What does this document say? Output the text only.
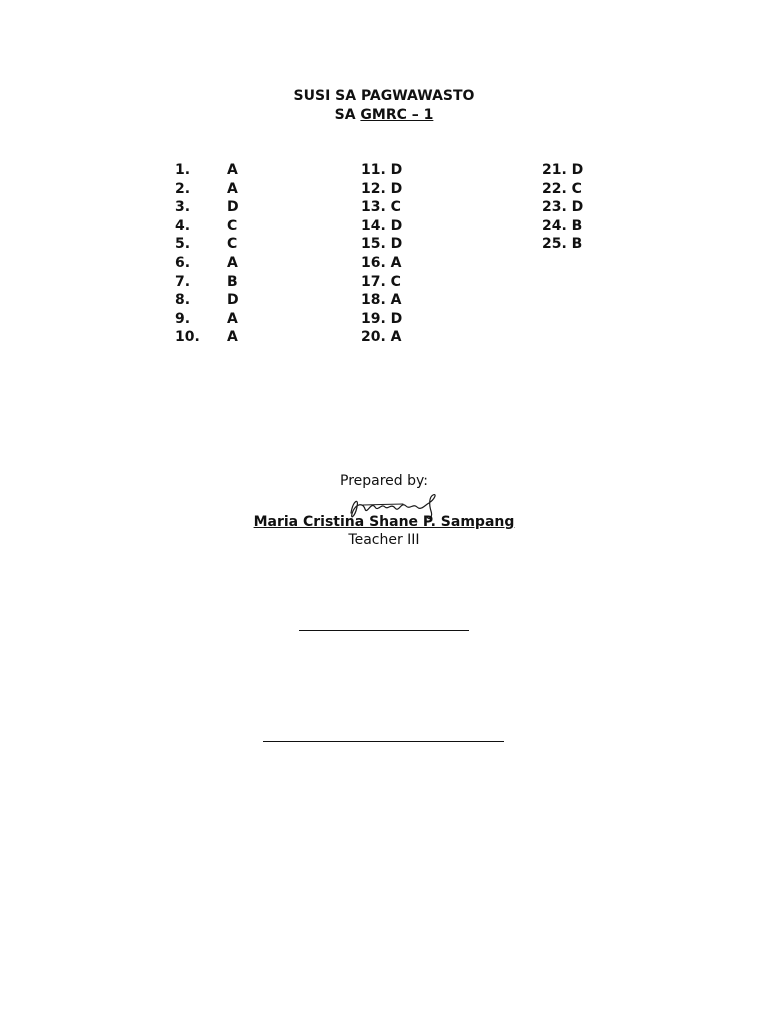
SUSI SA PAGWAWASTO
SA GMRC – 1
1.	A
2.	A
3.	D
4.	C
5.	C
6.	A
7.	B
8.	D
9.	A
10. A
11. D
12. D
13. C
14. D
15. D
16. A
17. C
18. A
19. D
20. A
21. D
22. C
23. D
24. B
25. B
Prepared by:
Maria Cristina Shane P. Sampang
Teacher III
